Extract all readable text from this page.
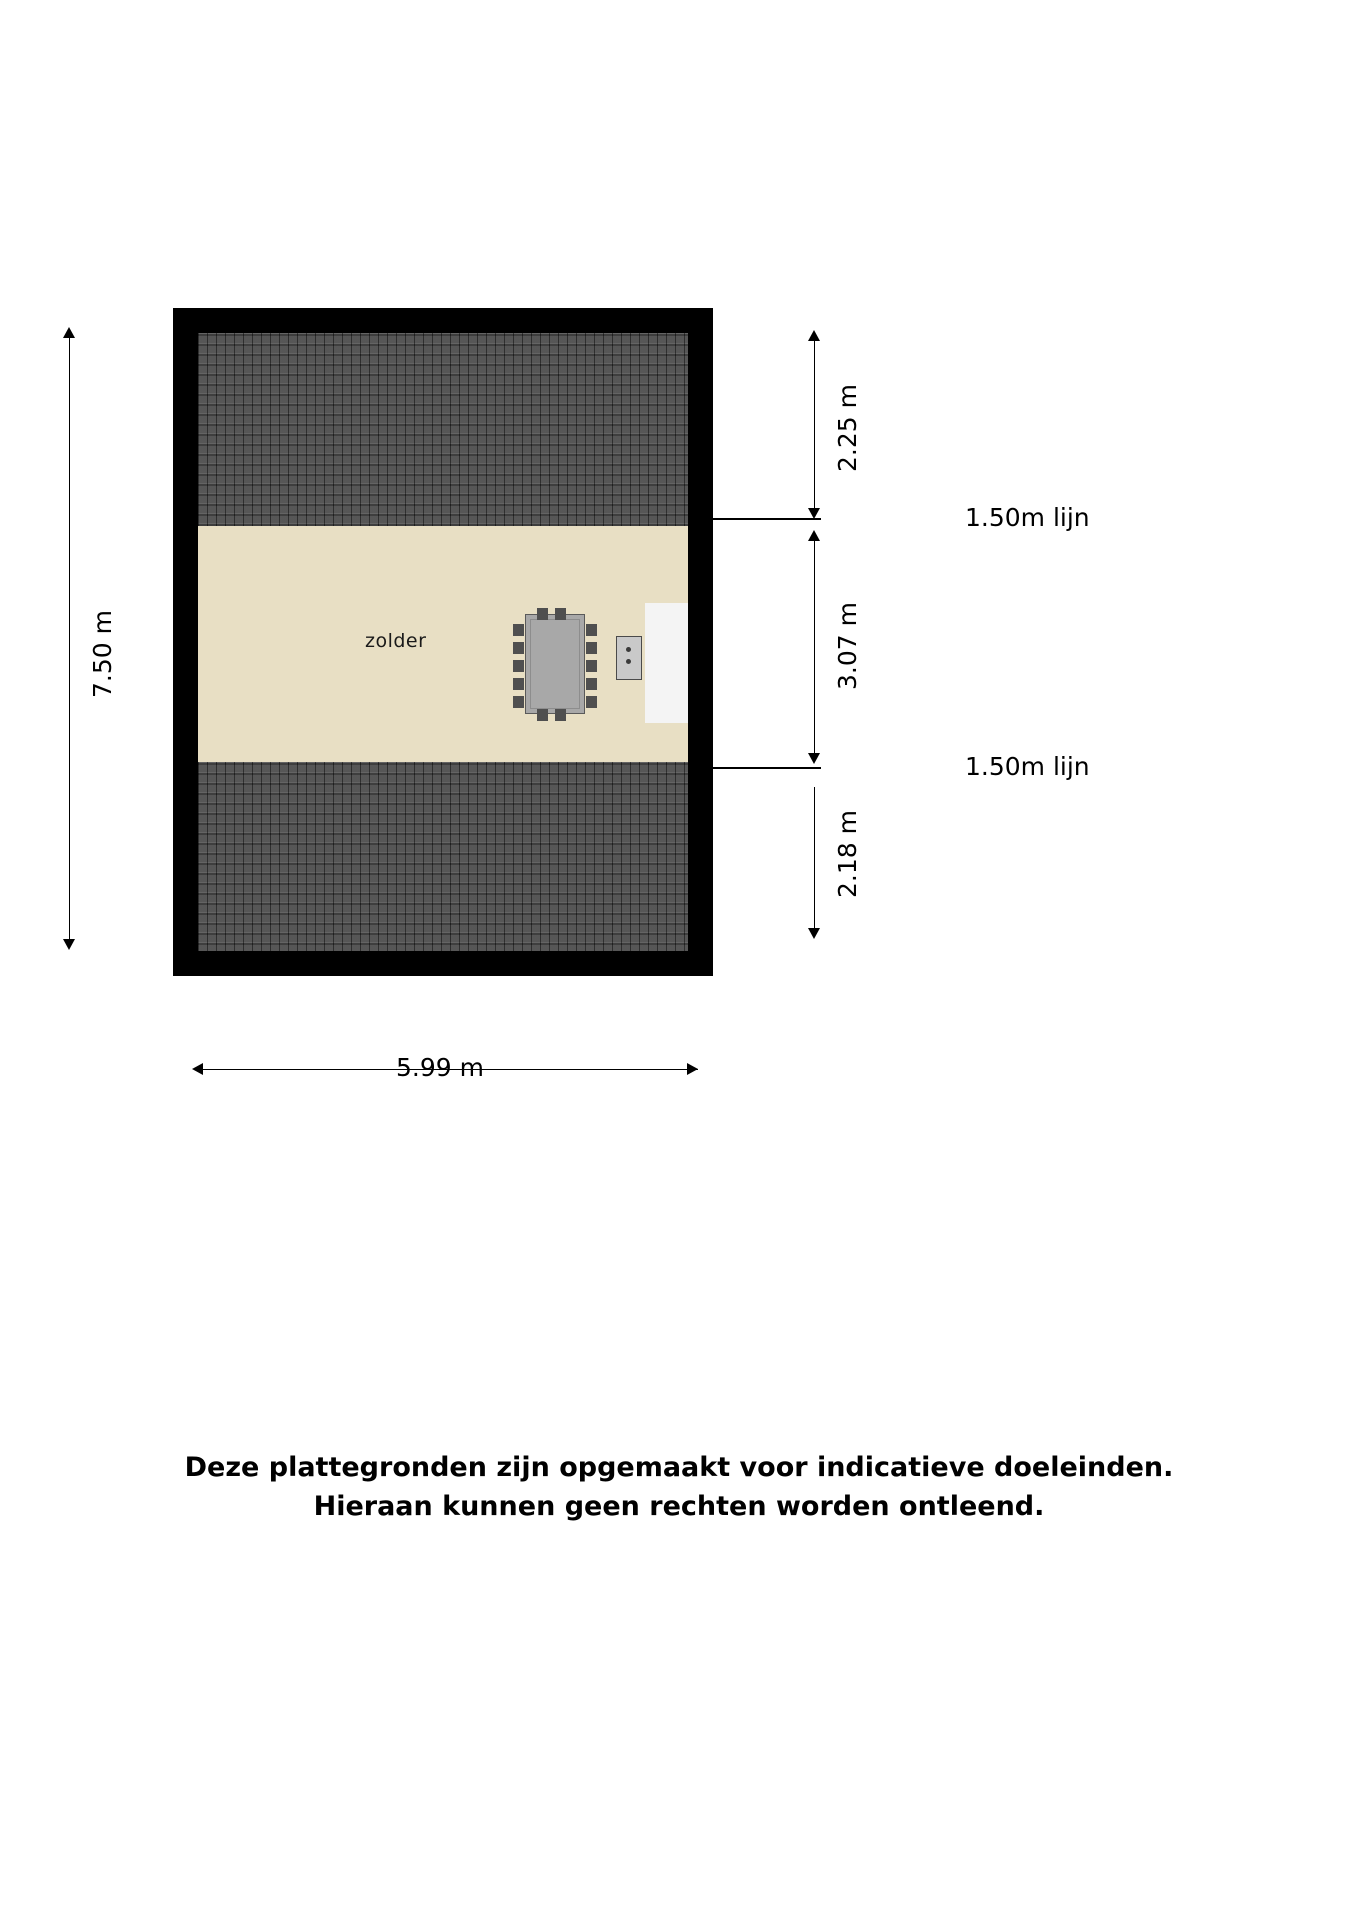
zolder
7.50 m
5.99 m
2.25 m
1.50m lijn
3.07 m
1.50m lijn
2.18 m
Deze plattegronden zijn opgemaakt voor indicatieve doeleinden.
Hieraan kunnen geen rechten worden ontleend.
